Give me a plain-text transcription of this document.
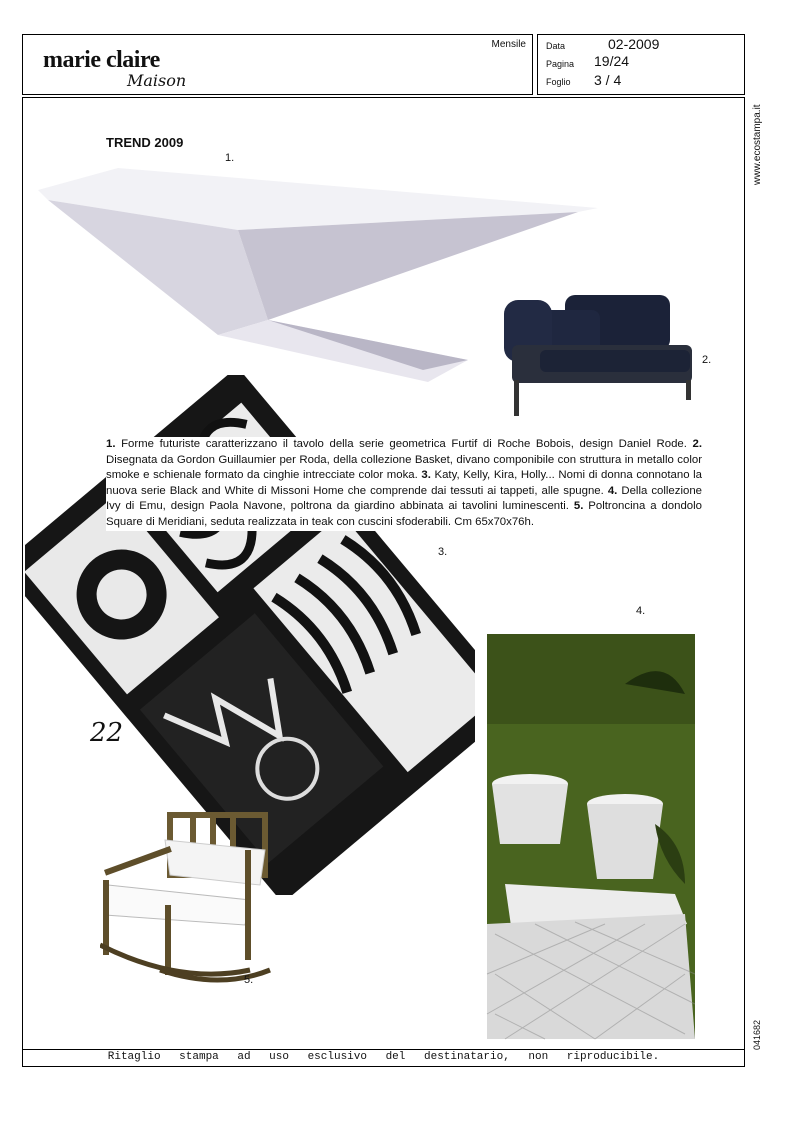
marie claire
Maison
Mensile Data	02-2009
Pagina 19/24
Foglio 3 / 4
Ritaglio stampa ad uso esclusivo del destinatario, non riproducibile.
www.ecostampa.it
041682
TREND 2009
1.
2.
3.
4.
5.
22
1. Forme futuriste caratterizzano il tavolo della serie geometrica Furtif di Roche Bobois, design Daniel Rode. 2. Disegnata da Gordon Guillaumier per Roda, della collezione Basket, divano componibile con struttura in metallo color smoke e schienale formato da cinghie intrecciate color moka. 3. Katy, Kelly, Kira, Holly... Nomi di donna connotano la nuova serie Black and White di Missoni Home che comprende dai tessuti ai tappeti, alle spugne. 4. Della collezione Ivy di Emu, design Paola Navone, poltrona da giardino abbinata ai tavolini luminescenti. 5. Poltroncina a dondolo Square di Meridiani, seduta realizzata in teak con cuscini sfoderabili. Cm 65x70x76h.
